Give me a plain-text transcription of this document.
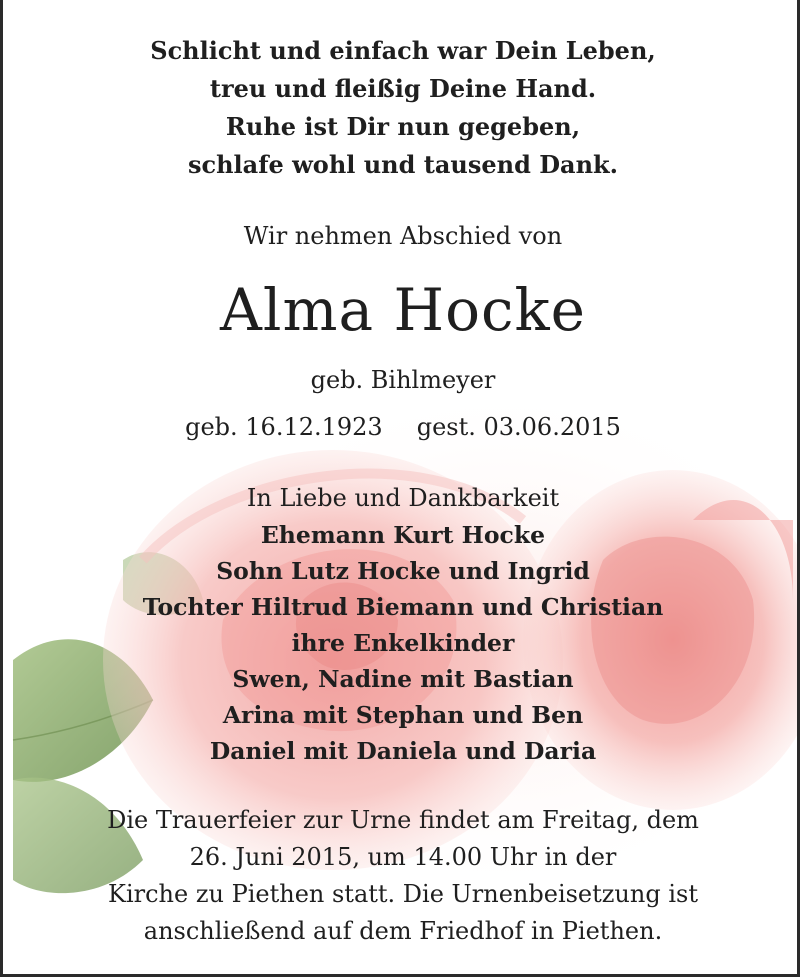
Schlicht und einfach war Dein Leben,
treu und fleißig Deine Hand.
Ruhe ist Dir nun gegeben,
schlafe wohl und tausend Dank.
Wir nehmen Abschied von
Alma Hocke
geb. Bihlmeyer
geb. 16.12.1923 gest. 03.06.2015
In Liebe und Dankbarkeit
Ehemann Kurt Hocke
Sohn Lutz Hocke und Ingrid
Tochter Hiltrud Biemann und Christian
ihre Enkelkinder
Swen, Nadine mit Bastian
Arina mit Stephan und Ben
Daniel mit Daniela und Daria
Die Trauerfeier zur Urne findet am Freitag, dem
26. Juni 2015, um 14.00 Uhr in der
Kirche zu Piethen statt. Die Urnenbeisetzung ist
anschließend auf dem Friedhof in Piethen.
